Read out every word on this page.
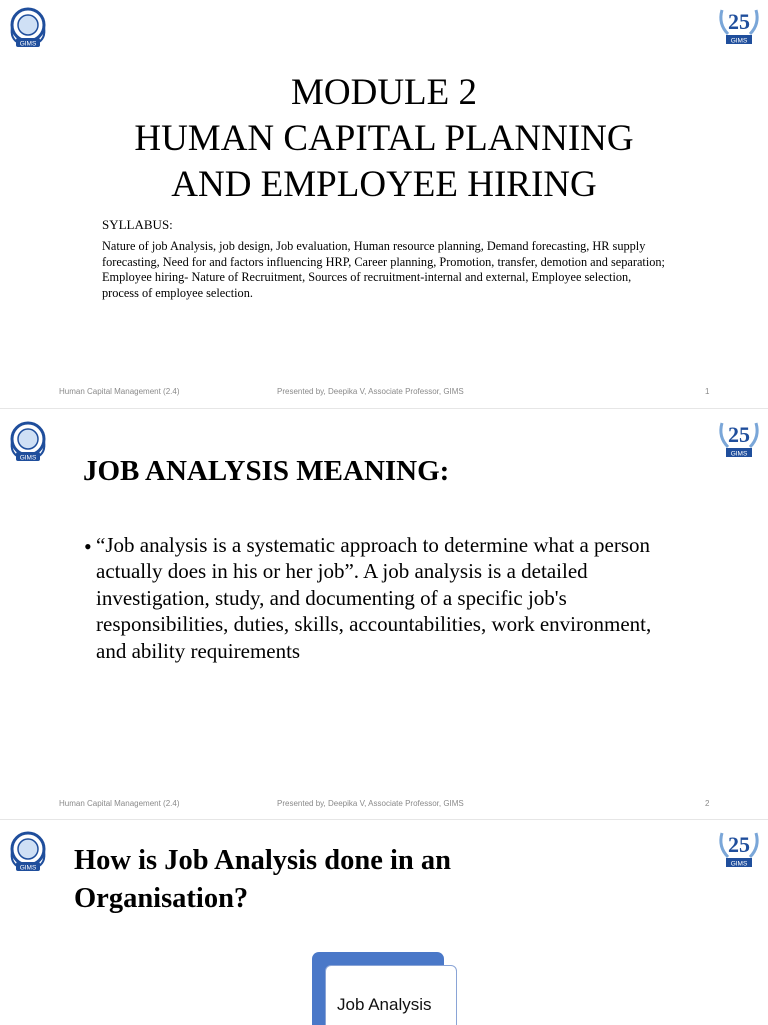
GIMS
25
GIMS
MODULE 2
HUMAN CAPITAL PLANNING
AND EMPLOYEE HIRING
SYLLABUS:
Nature of job Analysis, job design, Job evaluation, Human resource planning, Demand forecasting, HR supply forecasting, Need for and factors influencing HRP, Career planning, Promotion, transfer, demotion and separation; Employee hiring- Nature of Recruitment, Sources of recruitment-internal and external, Employee selection, process of employee selection.
Human Capital Management (2.4)	Presented by, Deepika V, Associate Professor, GIMS	1
GIMS
25
GIMS
JOB ANALYSIS MEANING:
• “Job analysis is a systematic approach to determine what a person actually does in his or her job”. A job analysis is a detailed investigation, study, and documenting of a specific job's responsibilities, duties, skills, accountabilities, work environment, and ability requirements
Human Capital Management (2.4)	Presented by, Deepika V, Associate Professor, GIMS	2
GIMS
25
GIMS
How is Job Analysis done in an
Organisation?
Job Analysis
